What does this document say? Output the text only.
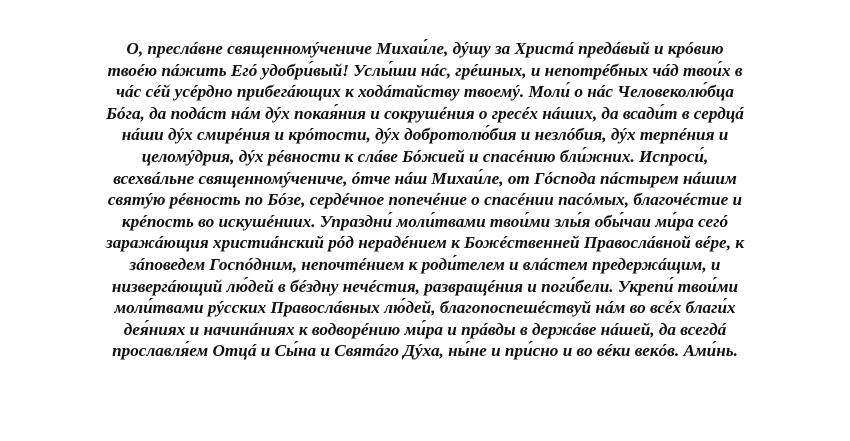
О, преслáвне священномýчениче Михаи́ле, дýшу за Христá предáвый и крóвию
твоéю пáжить Егó удобри́вый! Услы́ши нáс, грéшных, и непотрéбных чáд твои́х в
чáс céй усéрдно прибегáющих к ходáтайству твоемý. Моли́ о нáс Человеколю́бца
Бóга, да подáст нáм дýх покая́ния и сокрушéния о гресéх нáших, да всади́т в сердцá
нáши дýх смирéния и крóтости, дýх добротолю́бия и незлóбия, дýх терпéния и
целомýдрия, дýх рéвности к слáве Бóжией и спасéнию бли́жних. Испроси́,
всехвáльне священномýчениче, óтче нáш Михаи́ле, от Гóспода пáстырем нáшим
святýю рéвность по Бóзе, сердéчное попечéние о спасéнии пасóмых, благочéстие и
крéпость во искушéниих. Упраздни́ моли́твами твои́ми злы́я обы́чаи ми́ра сегó
заражáющия христиáнский рóд нерадéнием к Божéственней Правослáвной вéре, к
зáповедем Госпóдним, непочтéнием к роди́телем и влáстем предержáщим, и
низвергáющий лю́дей в бéздну нечéстия, развращéния и поги́бели. Укрепи́ твои́ми
моли́твами рýсских Правослáвных лю́дей, благопоспешéствуй нáм во всéх благи́х
дея́ниях и начинáниях к водворéнию ми́ра и прáвды в держáве нáшей, да всегдá
прославля́ем Отцá и Сы́на и Святáго Дýха, ны́не и при́сно и во вéки векóв. Ами́нь.
